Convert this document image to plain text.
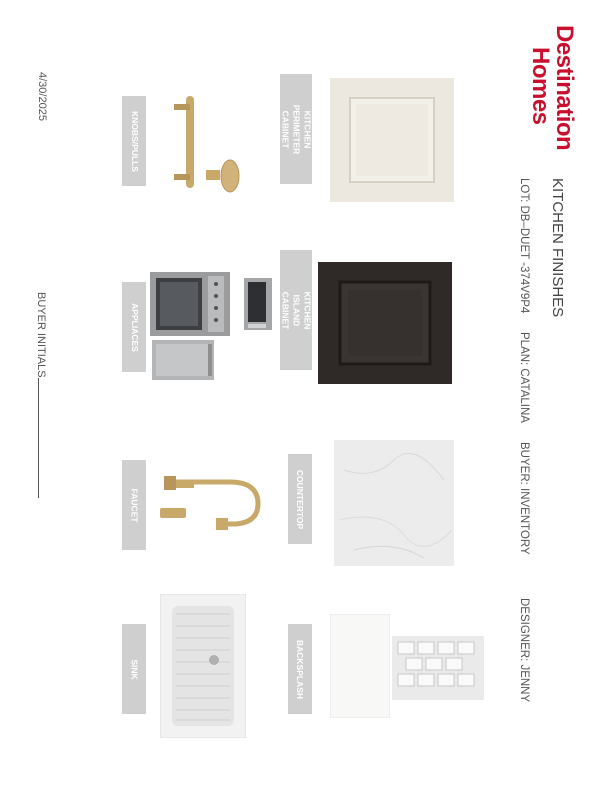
Destination
Homes
KITCHEN FINISHES
LOT: DB–DUET -374V9P4
PLAN: CATALINA
BUYER: INVENTORY
DESIGNER: JENNY
4/30/2025
BUYER INITIALS
KITCHEN PERIMETER CABINET
KITCHEN ISLAND CABINET
COUNTERTOP
BACKSPLASH
KNOBS/PULLS
APPLIACES
FAUCET
SINK
